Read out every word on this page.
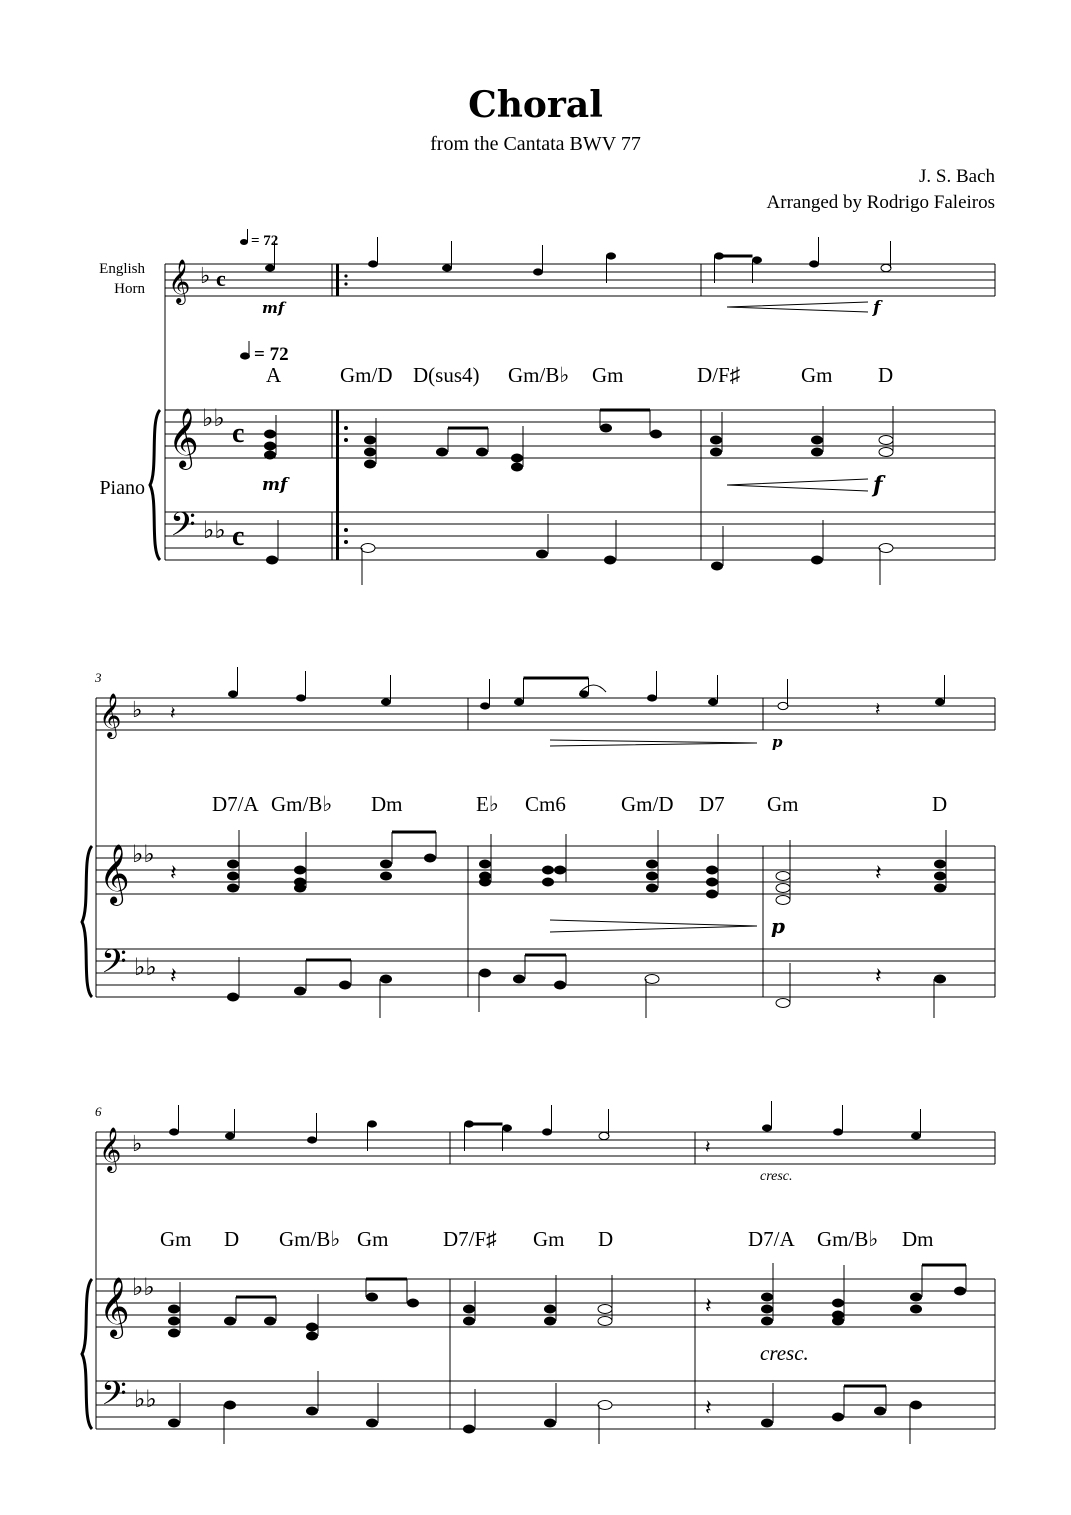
Choral
from the Cantata BWV 77
J. S. Bach
Arranged by Rodrigo Faleiros
English
Horn
Piano
= 72
𝄞 ♭ c
mf	f
= 72
A	Gm/D D(sus4) Gm/B♭ Gm	D/F♯	Gm D
𝄞 ♭♭ c
mf	f
𝄢 ♭♭ c
3
𝄞 ♭ 𝄽	𝄽
p
D7/A Gm/B♭ Dm	E♭ Cm6	Gm/D D7 Gm	D
𝄞 ♭♭
𝄽	𝄽
p
𝄢 ♭♭ 𝄽	𝄽
6
𝄞 ♭	𝄽
cresc.
Gm D Gm/B♭ Gm	D7/F♯ Gm D	D7/A Gm/B♭ Dm
𝄞 ♭♭
𝄽
cresc.
𝄢 ♭♭	𝄽
